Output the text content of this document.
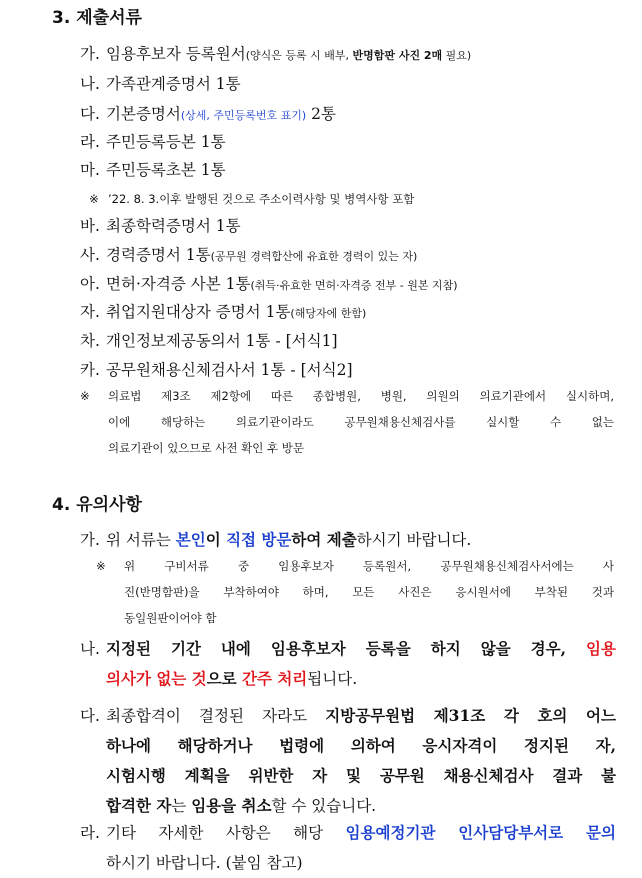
3. 제출서류
가. 임용후보자 등록원서(양식은 등록 시 배부, 반명함판 사진 2매 필요)
나. 가족관계증명서 1통
다. 기본증명서(상세, 주민등록번호 표기) 2통
라. 주민등록등본 1통
마. 주민등록초본 1통
※ ’22. 8. 3.이후 발행된 것으로 주소이력사항 및 병역사항 포함
바. 최종학력증명서 1통
사. 경력증명서 1통(공무원 경력합산에 유효한 경력이 있는 자)
아. 면허·자격증 사본 1통(취득·유효한 면허·자격증 전부 - 원본 지참)
자. 취업지원대상자 증명서 1통(해당자에 한함)
차. 개인정보제공동의서 1통 - [서식1]
카. 공무원채용신체검사서 1통 - [서식2]
※ 의료법 제3조 제2항에 따른 종합병원, 병원, 의원의 의료기관에서 실시하며,
이에 해당하는 의료기관이라도 공무원채용신체검사를 실시할 수 없는
의료기관이 있으므로 사전 확인 후 방문
4. 유의사항
가. 위 서류는 본인이 직접 방문하여 제출하시기 바랍니다.
※ 위 구비서류 중 임용후보자 등록원서, 공무원채용신체검사서에는 사
진(반명함판)을 부착하여야 하며, 모든 사진은 응시원서에 부착된 것과
동일원판이어야 함
나. 지정된 기간 내에 임용후보자 등록을 하지 않을 경우, 임용
의사가 없는 것으로 간주 처리됩니다.
다. 최종합격이 결정된 자라도 지방공무원법 제31조 각 호의 어느
하나에 해당하거나 법령에 의하여 응시자격이 정지된 자,
시험시행 계획을 위반한 자 및 공무원 채용신체검사 결과 불
합격한 자는 임용을 취소할 수 있습니다.
라. 기타 자세한 사항은 해당 임용예정기관 인사담당부서로 문의
하시기 바랍니다. (붙임 참고)
